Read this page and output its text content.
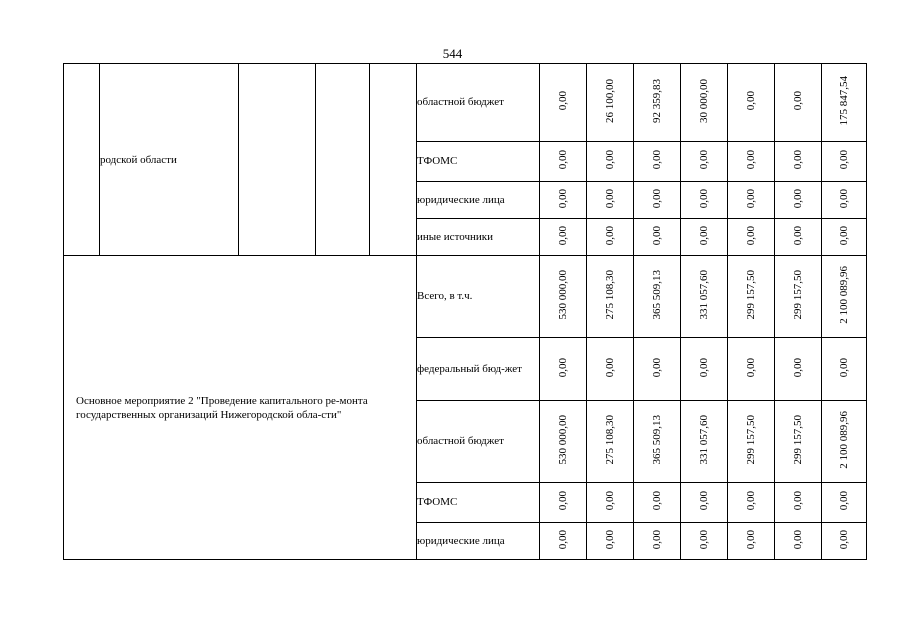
544
	родской области				областной бюджет	0,00	26 100,00	92 359,83	30 000,00	0,00	0,00	175 847,54
					ТФОМС	0,00	0,00	0,00	0,00	0,00	0,00	0,00
					юридические лица	0,00	0,00	0,00	0,00	0,00	0,00	0,00
					иные источники	0,00	0,00	0,00	0,00	0,00	0,00	0,00

Основное мероприятие 2 "Проведение капитального ре-монта государственных организаций Нижегородской обла-сти"					Всего, в т.ч.	530 000,00	275 108,30	365 509,13	331 057,60	299 157,50	299 157,50	2 100 089,96
					федеральный бюд-жет	0,00	0,00	0,00	0,00	0,00	0,00	0,00
					областной бюджет	530 000,00	275 108,30	365 509,13	331 057,60	299 157,50	299 157,50	2 100 089,96
					ТФОМС	0,00	0,00	0,00	0,00	0,00	0,00	0,00
					юридические лица	0,00	0,00	0,00	0,00	0,00	0,00	0,00
